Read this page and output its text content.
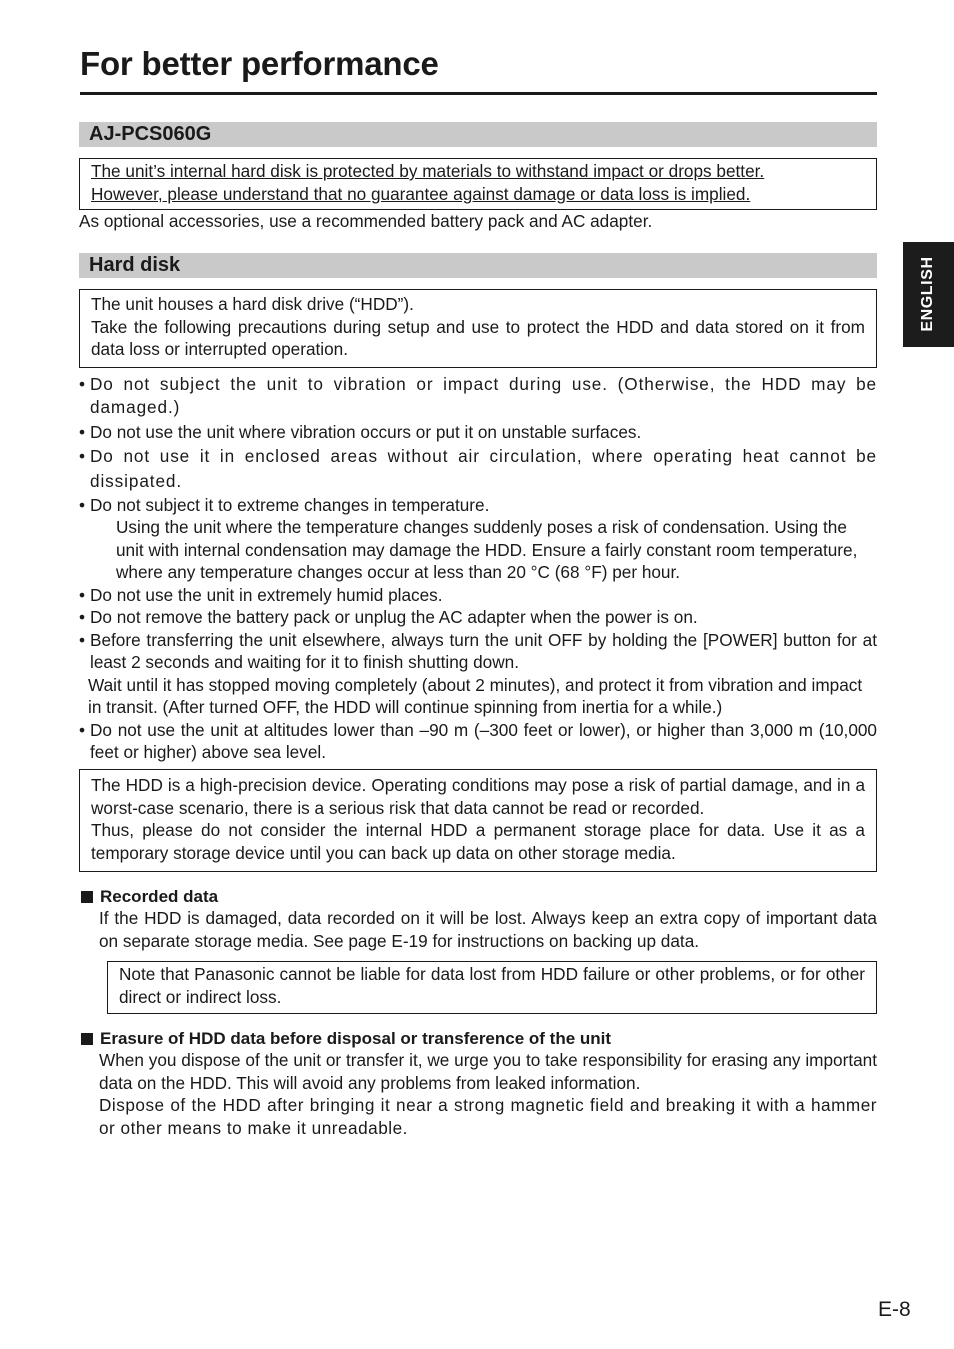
For better performance
ENGLISH
AJ-PCS060G

The unit’s internal hard disk is protected by materials to withstand impact or drops better.

However, please understand that no guarantee against damage or data loss is implied.

As optional accessories, use a recommended battery pack and AC adapter.

Hard disk

The unit houses a hard disk drive (“HDD”).

Take the following precautions during setup and use to protect the HDD and data stored on it from data loss or interrupted operation.

• Do not subject the unit to vibration or impact during use. (Otherwise, the HDD may be damaged.)
• Do not use the unit where vibration occurs or put it on unstable surfaces.
• Do not use it in enclosed areas without air circulation, where operating heat cannot be dissipated.
• Do not subject it to extreme changes in temperature.
Using the unit where the temperature changes suddenly poses a risk of condensation. Using the unit with internal condensation may damage the HDD. Ensure a fairly constant room temperature, where any temperature changes occur at less than 20 °C (68 °F) per hour.
• Do not use the unit in extremely humid places.
• Do not remove the battery pack or unplug the AC adapter when the power is on.
• Before transferring the unit elsewhere, always turn the unit OFF by holding the [POWER] button for at least 2 seconds and waiting for it to finish shutting down.
Wait until it has stopped moving completely (about 2 minutes), and protect it from vibration and impact in transit. (After turned OFF, the HDD will continue spinning from inertia for a while.)
• Do not use the unit at altitudes lower than –90 m (–300 feet or lower), or higher than 3,000 m (10,000 feet or higher) above sea level.

The HDD is a high-precision device. Operating conditions may pose a risk of partial damage, and in a worst-case scenario, there is a serious risk that data cannot be read or recorded.

Thus, please do not consider the internal HDD a permanent storage place for data. Use it as a temporary storage device until you can back up data on other storage media.

Recorded data

If the HDD is damaged, data recorded on it will be lost. Always keep an extra copy of important data on separate storage media. See page E-19 for instructions on backing up data.

Note that Panasonic cannot be liable for data lost from HDD failure or other problems, or for other direct or indirect loss.

Erasure of HDD data before disposal or transference of the unit

When you dispose of the unit or transfer it, we urge you to take responsibility for erasing any important data on the HDD. This will avoid any problems from leaked information.

Dispose of the HDD after bringing it near a strong magnetic field and breaking it with a hammer or other means to make it unreadable.

E-8
